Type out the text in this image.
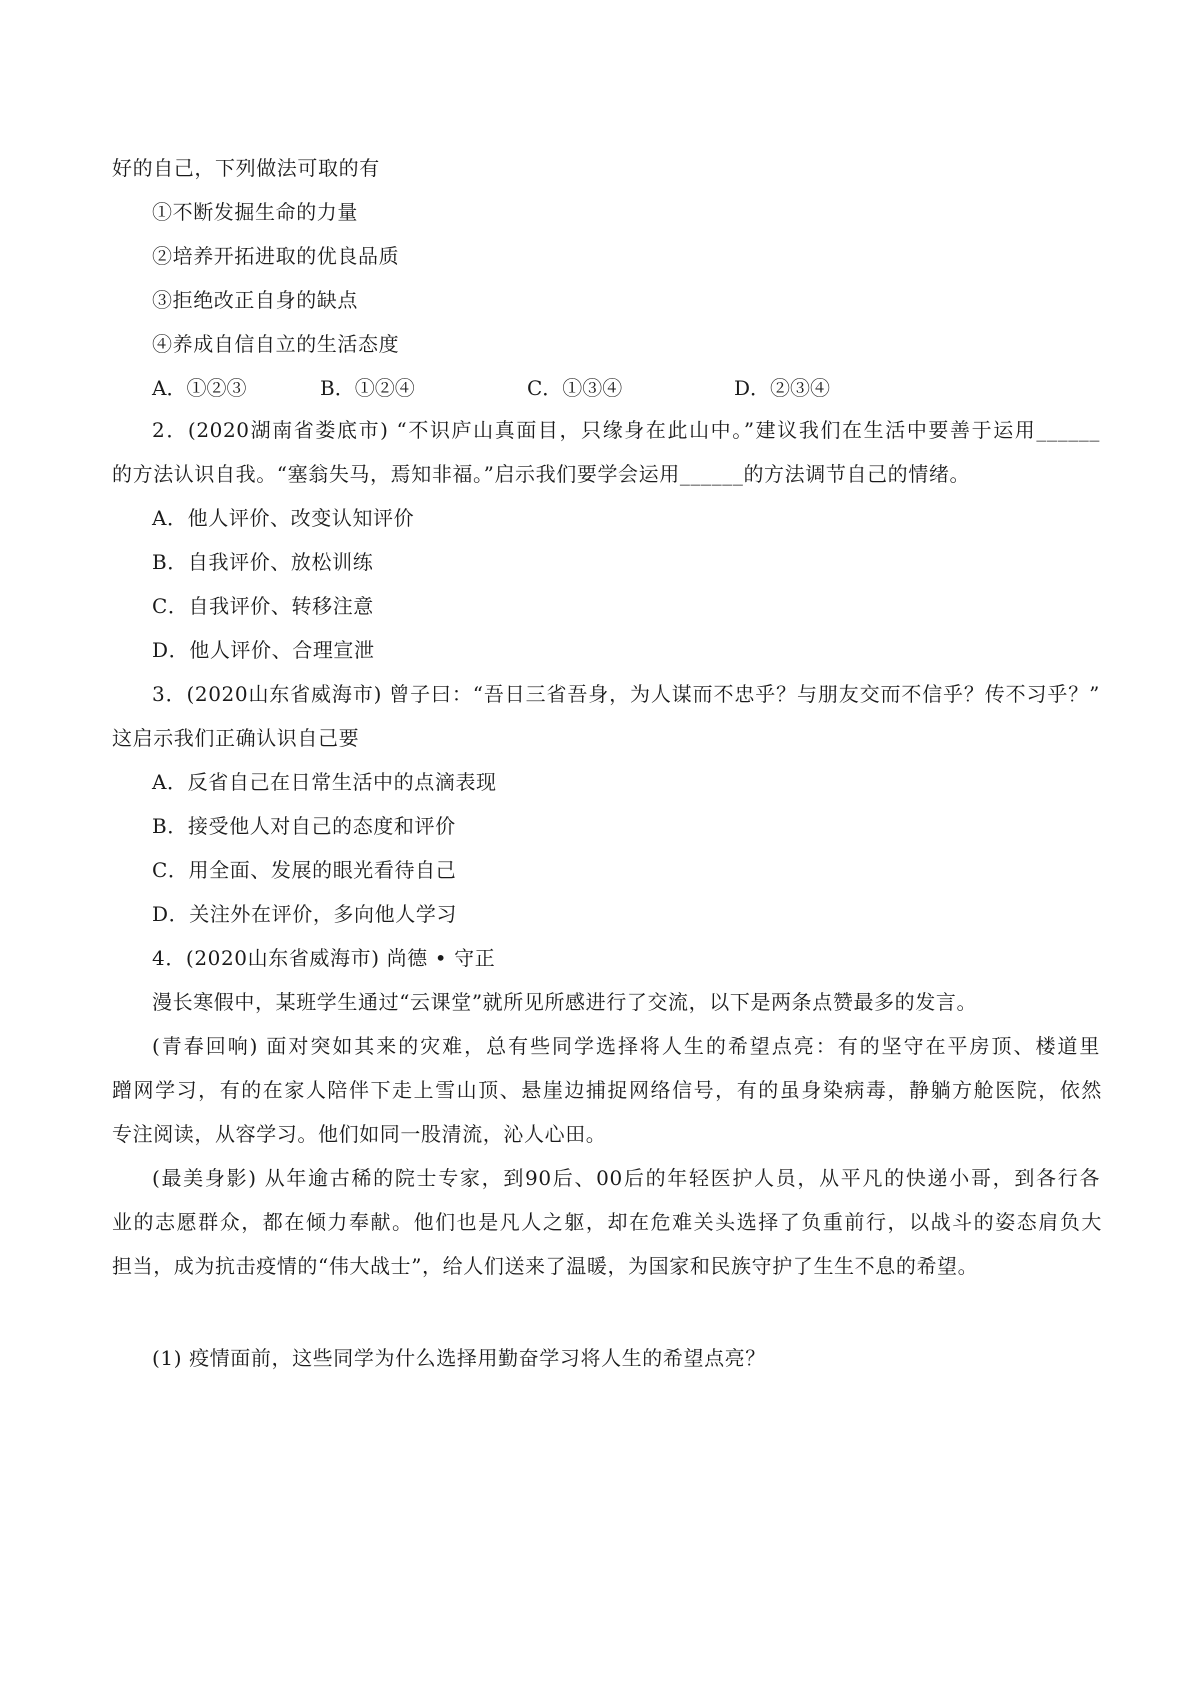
好的自己，下列做法可取的有
①不断发掘生命的力量
②培养开拓进取的优良品质
③拒绝改正自身的缺点
④养成自信自立的生活态度
A．①②③	B．①②④	C．①③④	D．②③④
2．(2020湖南省娄底市) “不识庐山真面目，只缘身在此山中。”建议我们在生活中要善于运用______
的方法认识自我。“塞翁失马，焉知非福。”启示我们要学会运用______的方法调节自己的情绪。
A．他人评价、改变认知评价
B．自我评价、放松训练
C．自我评价、转移注意
D．他人评价、合理宣泄
3．(2020山东省威海市) 曾子曰：“吾日三省吾身，为人谋而不忠乎？与朋友交而不信乎？传不习乎？”
这启示我们正确认识自己要
A．反省自己在日常生活中的点滴表现
B．接受他人对自己的态度和评价
C．用全面、发展的眼光看待自己
D．关注外在评价，多向他人学习
4．(2020山东省威海市) 尚德 • 守正
漫长寒假中，某班学生通过“云课堂”就所见所感进行了交流，以下是两条点赞最多的发言。
(青春回响) 面对突如其来的灾难，总有些同学选择将人生的希望点亮：有的坚守在平房顶、楼道里
蹭网学习，有的在家人陪伴下走上雪山顶、悬崖边捕捉网络信号，有的虽身染病毒，静躺方舱医院，依然
专注阅读，从容学习。他们如同一股清流，沁人心田。
(最美身影) 从年逾古稀的院士专家，到90后、00后的年轻医护人员，从平凡的快递小哥，到各行各
业的志愿群众，都在倾力奉献。他们也是凡人之躯，却在危难关头选择了负重前行，以战斗的姿态肩负大
担当，成为抗击疫情的“伟大战士”，给人们送来了温暖，为国家和民族守护了生生不息的希望。
(1) 疫情面前，这些同学为什么选择用勤奋学习将人生的希望点亮？
